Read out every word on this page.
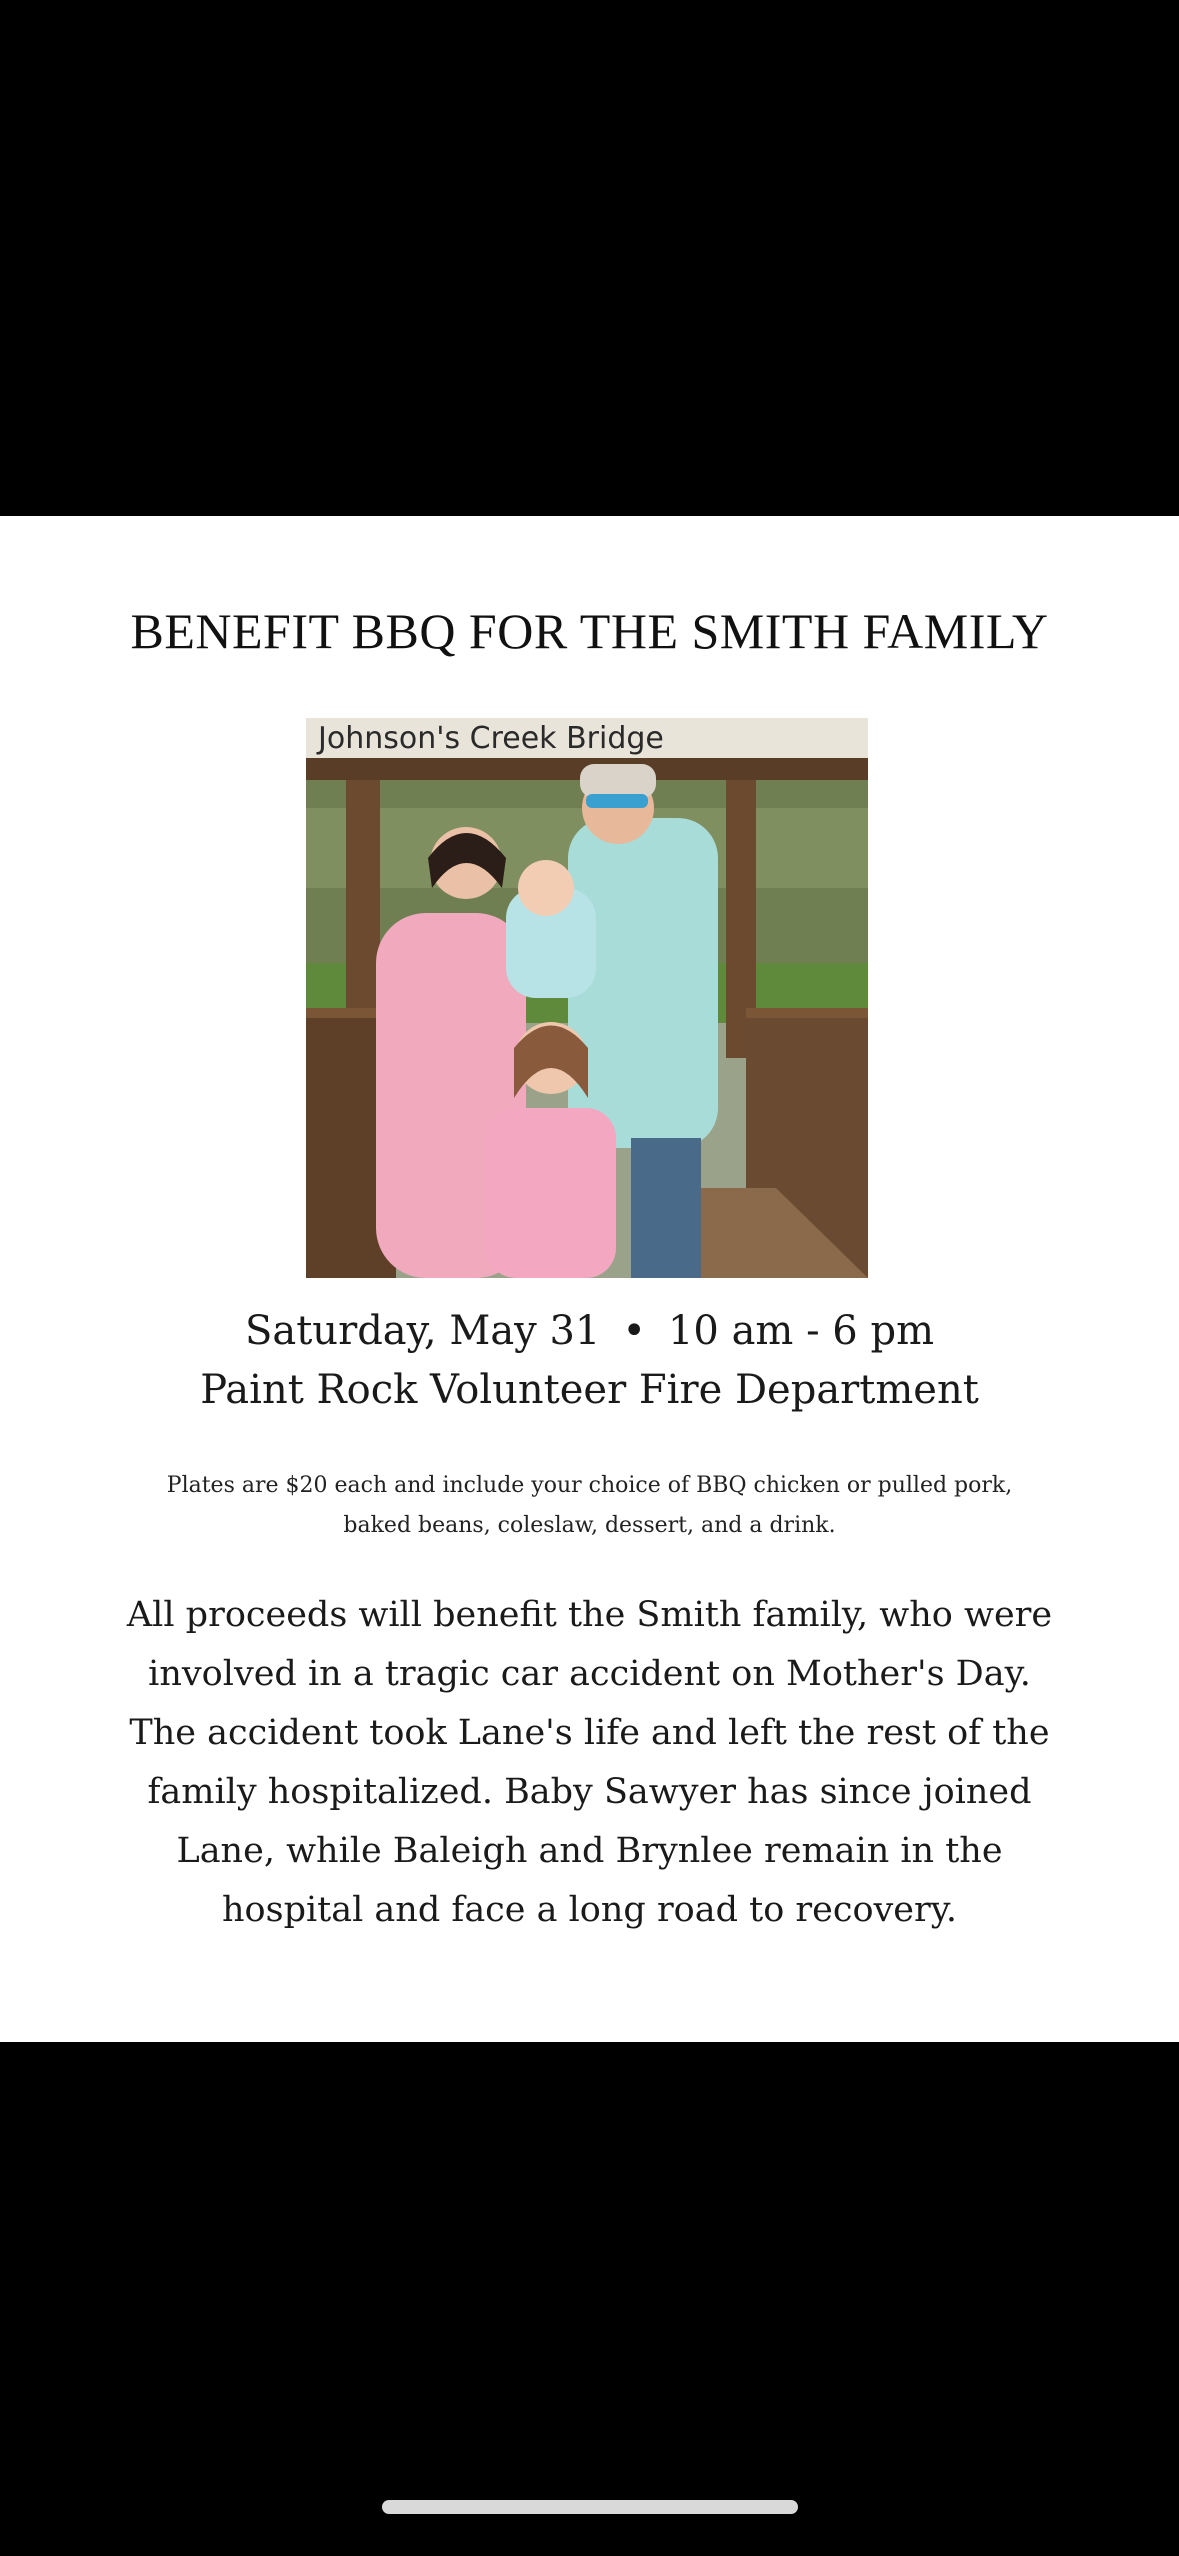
BENEFIT BBQ FOR THE SMITH FAMILY
Johnson's Creek Bridge
Saturday, May 31 • 10 am - 6 pm
Paint Rock Volunteer Fire Department
Plates are $20 each and include your choice of BBQ chicken or pulled pork,
baked beans, coleslaw, dessert, and a drink.
All proceeds will benefit the Smith family, who were
involved in a tragic car accident on Mother's Day.
The accident took Lane's life and left the rest of the
family hospitalized. Baby Sawyer has since joined
Lane, while Baleigh and Brynlee remain in the
hospital and face a long road to recovery.
